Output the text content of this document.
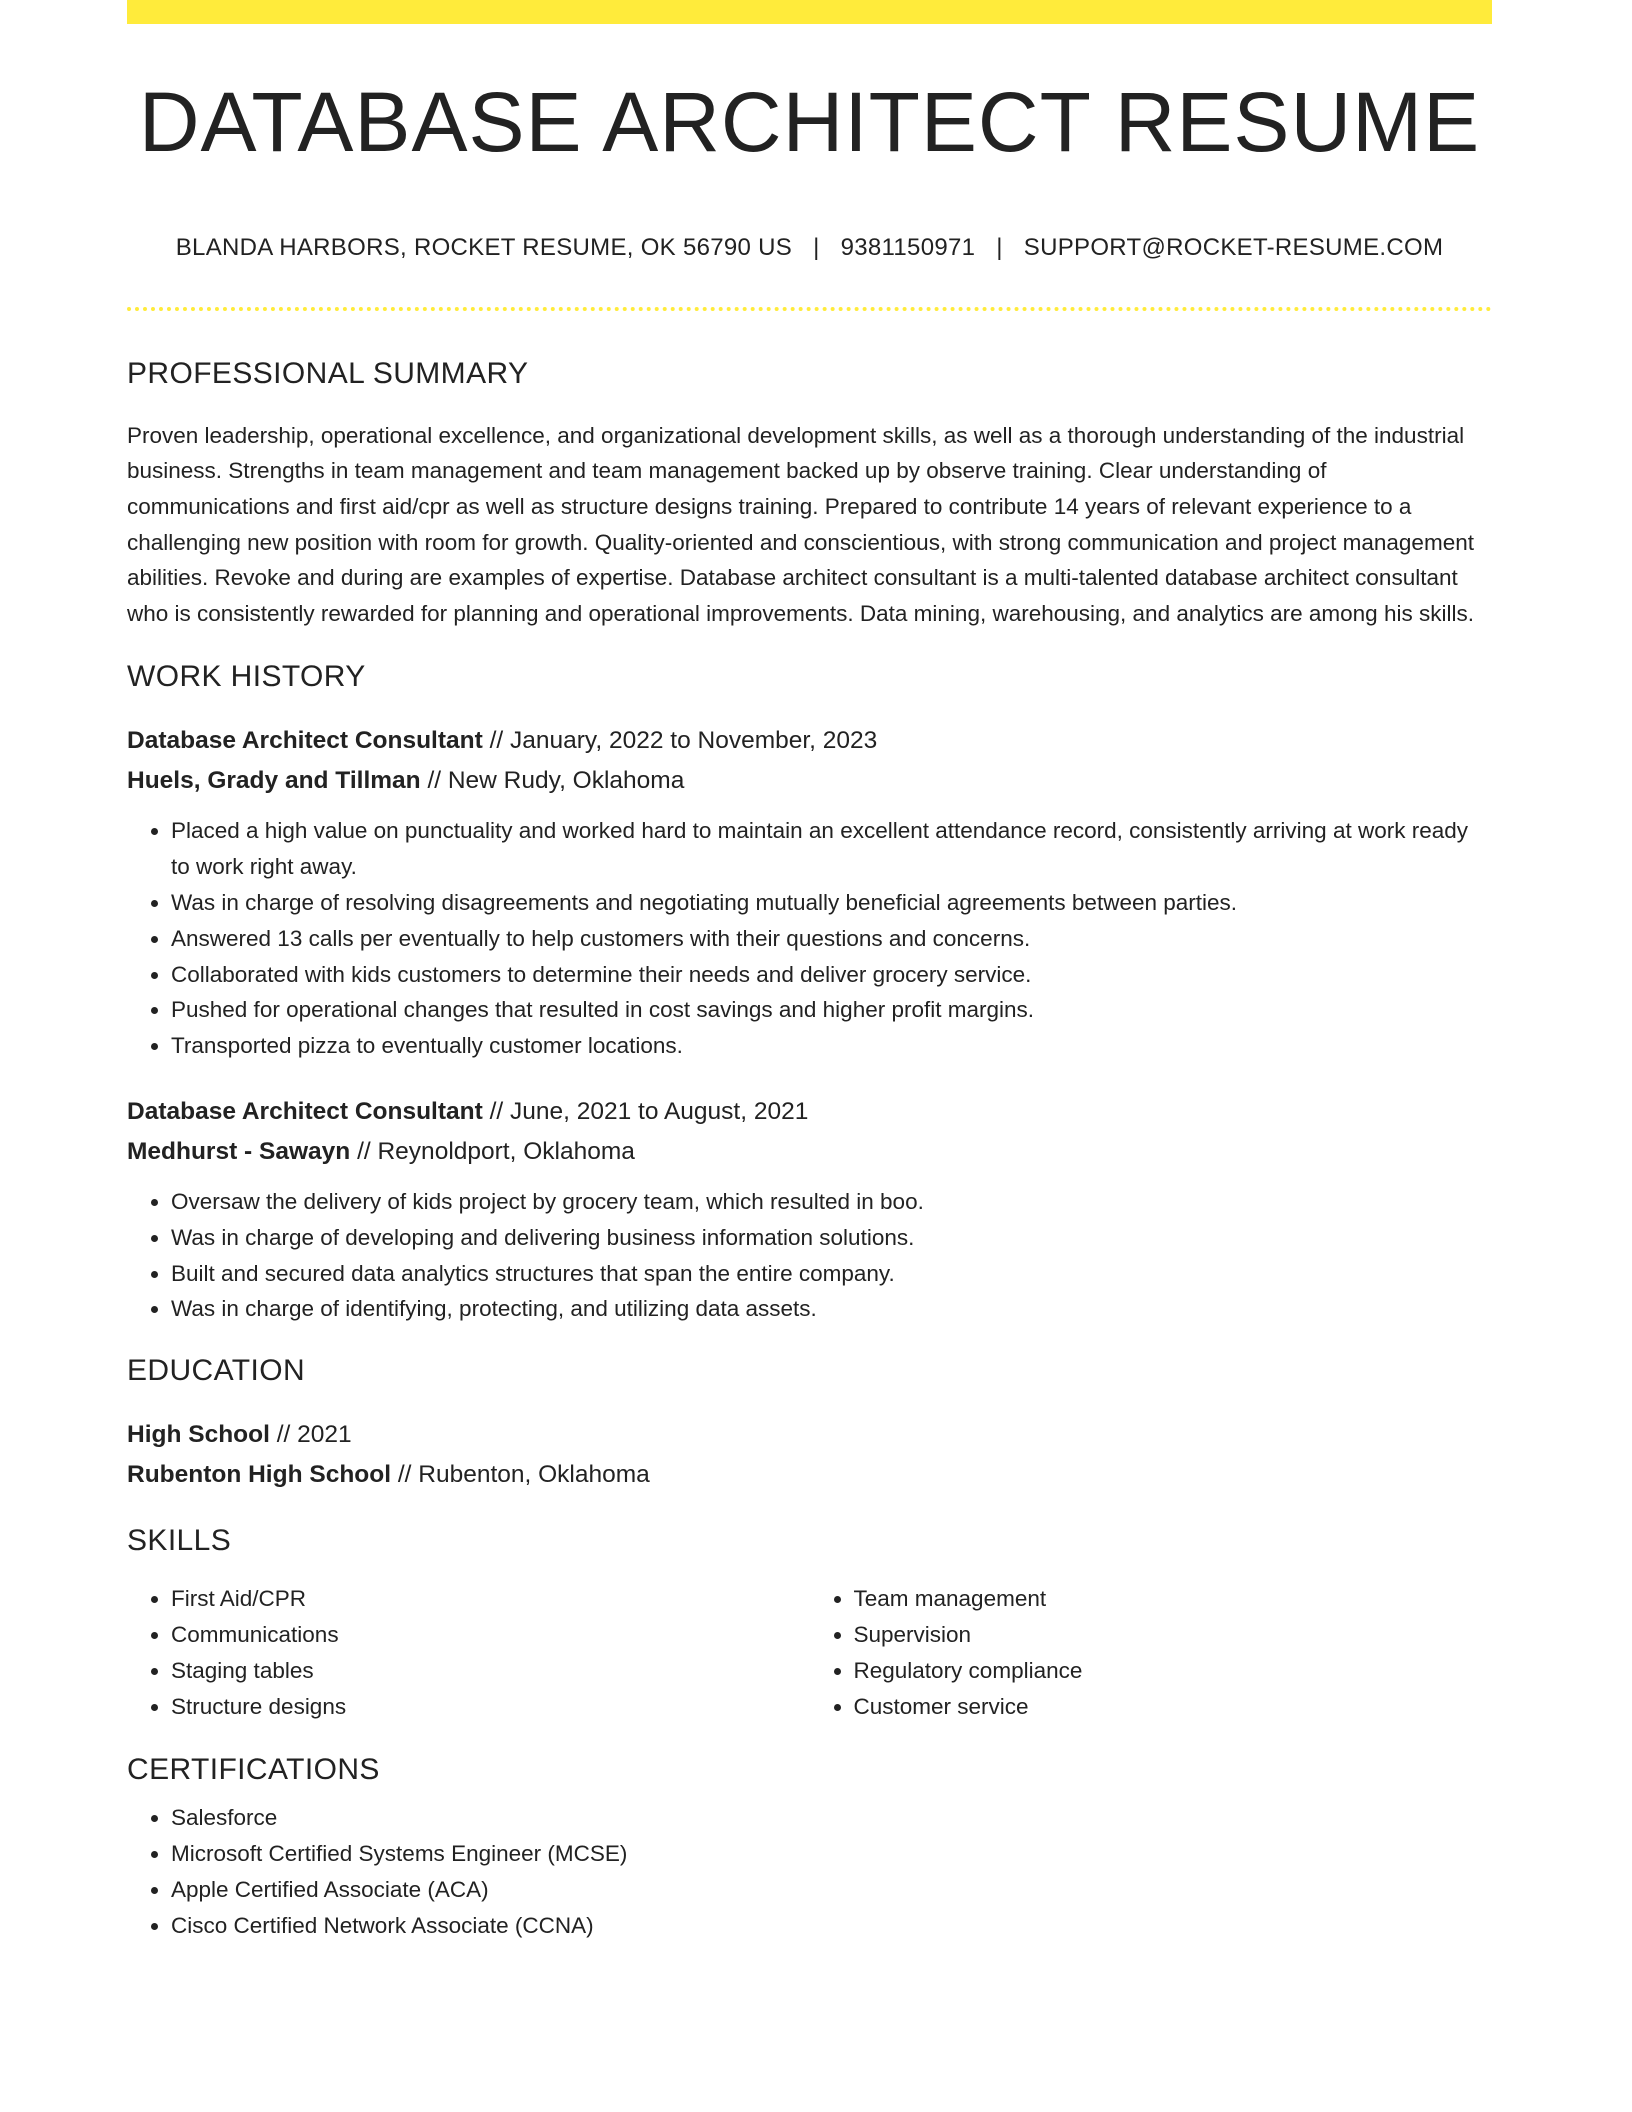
DATABASE ARCHITECT RESUME
BLANDA HARBORS, ROCKET RESUME, OK 56790 US | 9381150971 | SUPPORT@ROCKET-RESUME.COM
PROFESSIONAL SUMMARY
Proven leadership, operational excellence, and organizational development skills, as well as a thorough understanding of the industrial business. Strengths in team management and team management backed up by observe training. Clear understanding of communications and first aid/cpr as well as structure designs training. Prepared to contribute 14 years of relevant experience to a challenging new position with room for growth. Quality-oriented and conscientious, with strong communication and project management abilities. Revoke and during are examples of expertise. Database architect consultant is a multi-talented database architect consultant who is consistently rewarded for planning and operational improvements. Data mining, warehousing, and analytics are among his skills.
WORK HISTORY
Database Architect Consultant // January, 2022 to November, 2023
Huels, Grady and Tillman // New Rudy, Oklahoma
• Placed a high value on punctuality and worked hard to maintain an excellent attendance record, consistently arriving at work ready to work right away.
• Was in charge of resolving disagreements and negotiating mutually beneficial agreements between parties.
• Answered 13 calls per eventually to help customers with their questions and concerns.
• Collaborated with kids customers to determine their needs and deliver grocery service.
• Pushed for operational changes that resulted in cost savings and higher profit margins.
• Transported pizza to eventually customer locations.
Database Architect Consultant // June, 2021 to August, 2021
Medhurst - Sawayn // Reynoldport, Oklahoma
• Oversaw the delivery of kids project by grocery team, which resulted in boo.
• Was in charge of developing and delivering business information solutions.
• Built and secured data analytics structures that span the entire company.
• Was in charge of identifying, protecting, and utilizing data assets.
EDUCATION
High School // 2021
Rubenton High School // Rubenton, Oklahoma
SKILLS
• First Aid/CPR
• Communications
• Staging tables
• Structure designs
• Team management
• Supervision
• Regulatory compliance
• Customer service
CERTIFICATIONS
• Salesforce
• Microsoft Certified Systems Engineer (MCSE)
• Apple Certified Associate (ACA)
• Cisco Certified Network Associate (CCNA)
